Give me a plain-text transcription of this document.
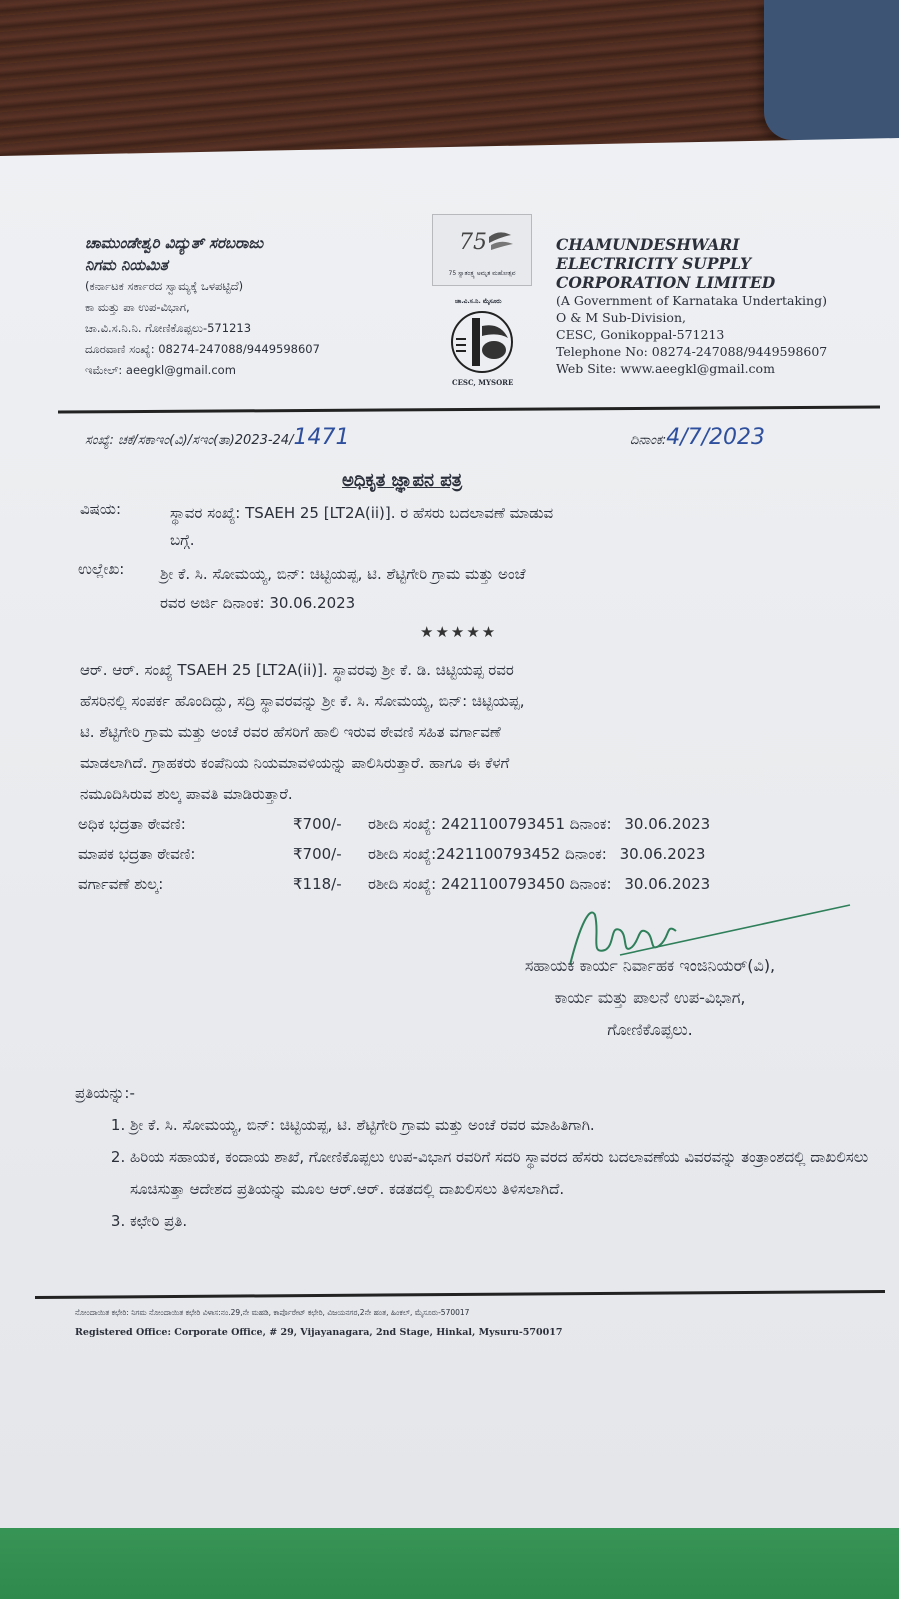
ಚಾಮುಂಡೇಶ್ವರಿ ವಿದ್ಯುತ್ ಸರಬರಾಜು
ನಿಗಮ ನಿಯಮಿತ
(ಕರ್ನಾಟಕ ಸರ್ಕಾರದ ಸ್ವಾಮ್ಯಕ್ಕೆ ಒಳಪಟ್ಟಿದೆ)
ಕಾ ಮತ್ತು ಪಾ ಉಪ-ವಿಭಾಗ,
ಚಾ.ವಿ.ಸ.ನಿ.ನಿ. ಗೋಣಿಕೊಪ್ಪಲು-571213
ದೂರವಾಣಿ ಸಂಖ್ಯೆ: 08274-247088/9449598607
ಇಮೇಲ್: aeegkl@gmail.com
75
75 ಸ್ವಾತಂತ್ರ್ಯ ಅಮೃತ ಮಹೋತ್ಸವ
ಚಾ.ವಿ.ಸ.ನಿ. ಮೈಸೂರು
CESC, MYSORE
CHAMUNDESHWARI
ELECTRICITY SUPPLY
CORPORATION LIMITED
(A Government of Karnataka Undertaking)
O & M Sub-Division,
CESC, Gonikoppal-571213
Telephone No: 08274-247088/9449598607
Web Site: www.aeegkl@gmail.com
ಸಂಖ್ಯೆ: ಚಕೆ/ಸಕಾಇಂ(ವಿ)/ಸಇಂ(ತಾ)2023-24/1471	ದಿನಾಂಕ:4/7/2023
ಅಧಿಕೃತ ಜ್ಞಾಪನ ಪತ್ರ
ವಿಷಯ:	ಸ್ಥಾವರ ಸಂಖ್ಯೆ: TSAEH 25 [LT2A(ii)]. ರ ಹೆಸರು ಬದಲಾವಣೆ ಮಾಡುವ
ಬಗ್ಗೆ.
ಉಲ್ಲೇಖ: ಶ್ರೀ ಕೆ. ಸಿ. ಸೋಮಯ್ಯ, ಬಿನ್: ಚಿಟ್ಟಿಯಪ್ಪ, ಟಿ. ಶೆಟ್ಟಿಗೇರಿ ಗ್ರಾಮ ಮತ್ತು ಅಂಚೆ
ರವರ ಅರ್ಜಿ ದಿನಾಂಕ: 30.06.2023
★★★★★
ಆರ್. ಆರ್. ಸಂಖ್ಯೆ TSAEH 25 [LT2A(ii)]. ಸ್ಥಾವರವು ಶ್ರೀ ಕೆ. ಡಿ. ಚಿಟ್ಟಿಯಪ್ಪ ರವರ
ಹೆಸರಿನಲ್ಲಿ ಸಂಪರ್ಕ ಹೊಂದಿದ್ದು, ಸದ್ರಿ ಸ್ಥಾವರವನ್ನು ಶ್ರೀ ಕೆ. ಸಿ. ಸೋಮಯ್ಯ, ಬಿನ್: ಚಿಟ್ಟಿಯಪ್ಪ,
ಟಿ. ಶೆಟ್ಟಿಗೇರಿ ಗ್ರಾಮ ಮತ್ತು ಅಂಚೆ ರವರ ಹೆಸರಿಗೆ ಹಾಲಿ ಇರುವ ಠೇವಣಿ ಸಹಿತ ವರ್ಗಾವಣೆ
ಮಾಡಲಾಗಿದೆ. ಗ್ರಾಹಕರು ಕಂಪೆನಿಯ ನಿಯಮಾವಳಿಯನ್ನು ಪಾಲಿಸಿರುತ್ತಾರೆ. ಹಾಗೂ ಈ ಕೆಳಗೆ
ನಮೂದಿಸಿರುವ ಶುಲ್ಕ ಪಾವತಿ ಮಾಡಿರುತ್ತಾರೆ.
ಅಧಿಕ ಭದ್ರತಾ ಠೇವಣಿ:	₹700/- ರಶೀದಿ ಸಂಖ್ಯೆ: 2421100793451 ದಿನಾಂಕ: 30.06.2023
ಮಾಪಕ ಭದ್ರತಾ ಠೇವಣಿ:	₹700/- ರಶೀದಿ ಸಂಖ್ಯೆ:2421100793452 ದಿನಾಂಕ: 30.06.2023
ವರ್ಗಾವಣೆ ಶುಲ್ಕ:	₹118/- ರಶೀದಿ ಸಂಖ್ಯೆ: 2421100793450 ದಿನಾಂಕ: 30.06.2023
ಸಹಾಯಕ ಕಾರ್ಯ ನಿರ್ವಾಹಕ ಇಂಜಿನಿಯರ್(ವಿ),
ಕಾರ್ಯ ಮತ್ತು ಪಾಲನೆ ಉಪ-ವಿಭಾಗ,
ಗೋಣಿಕೊಪ್ಪಲು.
ಪ್ರತಿಯನ್ನು:-
1. ಶ್ರೀ ಕೆ. ಸಿ. ಸೋಮಯ್ಯ, ಬಿನ್: ಚಿಟ್ಟಿಯಪ್ಪ, ಟಿ. ಶೆಟ್ಟಿಗೇರಿ ಗ್ರಾಮ ಮತ್ತು ಅಂಚೆ ರವರ ಮಾಹಿತಿಗಾಗಿ.
2. ಹಿರಿಯ ಸಹಾಯಕ, ಕಂದಾಯ ಶಾಖೆ, ಗೋಣಿಕೊಪ್ಪಲು ಉಪ-ವಿಭಾಗ ರವರಿಗೆ ಸದರಿ ಸ್ಥಾವರದ ಹೆಸರು ಬದಲಾವಣೆಯ ವಿವರವನ್ನು ತಂತ್ರಾಂಶದಲ್ಲಿ ದಾಖಲಿಸಲು ಸೂಚಿಸುತ್ತಾ ಆದೇಶದ ಪ್ರತಿಯನ್ನು ಮೂಲ ಆರ್.ಆರ್. ಕಡತದಲ್ಲಿ ದಾಖಲಿಸಲು ತಿಳಿಸಲಾಗಿದೆ.
3. ಕಛೇರಿ ಪ್ರತಿ.
ನೋಂದಾಯಿತ ಕಛೇರಿ: ನಿಗಮ ನೋಂದಾಯಿತ ಕಛೇರಿ ವಿಳಾಸ:ನಂ.29,ನೇ ಮಹಡಿ, ಕಾರ್ಪೊರೇಟ್ ಕಛೇರಿ, ವಿಜಯನಗರ,2ನೇ ಹಂತ, ಹಿಂಕಲ್, ಮೈಸೂರು-570017
Registered Office: Corporate Office, # 29, Vijayanagara, 2nd Stage, Hinkal, Mysuru-570017
